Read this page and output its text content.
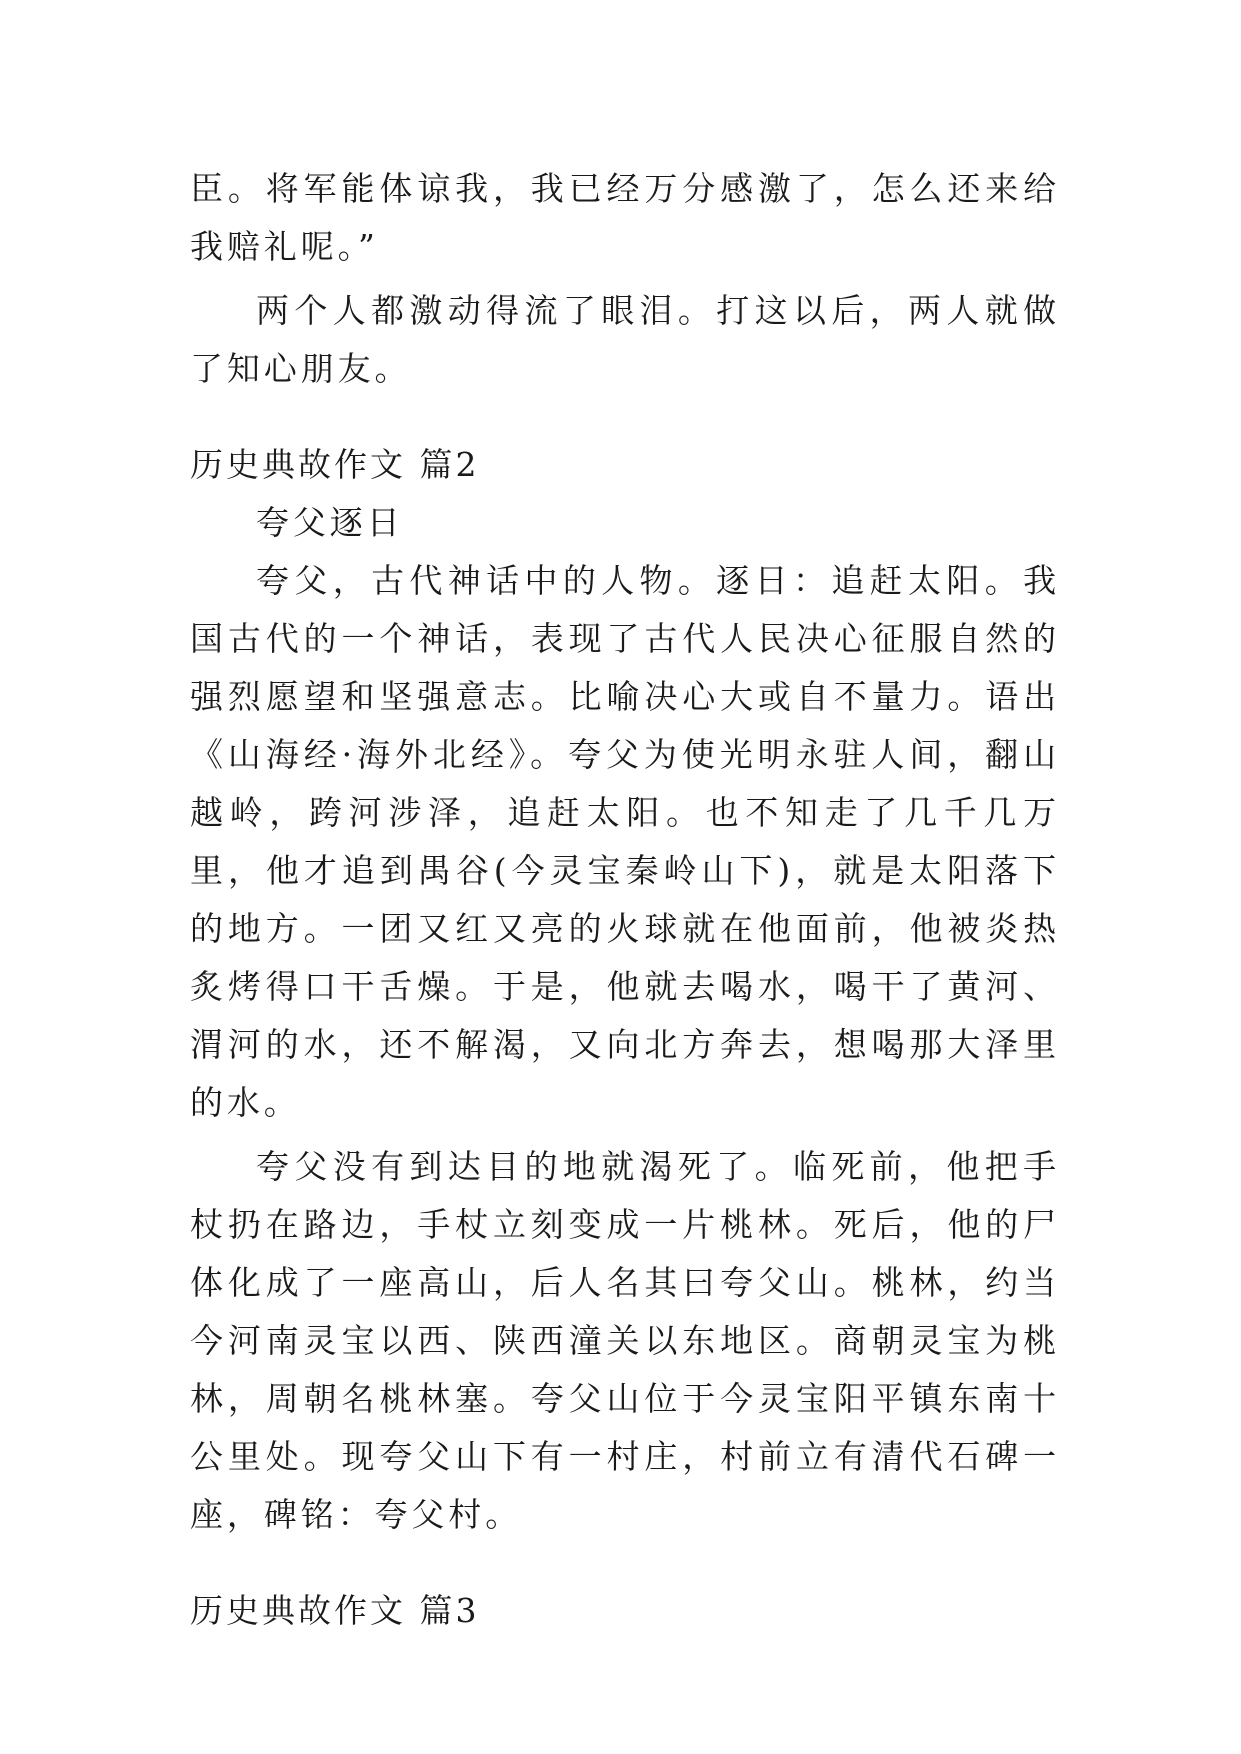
臣。将军能体谅我，我已经万分感激了，怎么还来给我赔礼呢。”

两个人都激动得流了眼泪。打这以后，两人就做了知心朋友。

历史典故作文 篇2

夸父逐日

夸父，古代神话中的人物。逐日：追赶太阳。我国古代的一个神话，表现了古代人民决心征服自然的强烈愿望和坚强意志。比喻决心大或自不量力。语出《山海经·海外北经》。夸父为使光明永驻人间，翻山越岭，跨河涉泽，追赶太阳。也不知走了几千几万里，他才追到禺谷(今灵宝秦岭山下)，就是太阳落下的地方。一团又红又亮的火球就在他面前，他被炎热炙烤得口干舌燥。于是，他就去喝水，喝干了黄河、渭河的水，还不解渴，又向北方奔去，想喝那大泽里的水。

夸父没有到达目的地就渴死了。临死前，他把手杖扔在路边，手杖立刻变成一片桃林。死后，他的尸体化成了一座高山，后人名其曰夸父山。桃林，约当今河南灵宝以西、陕西潼关以东地区。商朝灵宝为桃林，周朝名桃林塞。夸父山位于今灵宝阳平镇东南十公里处。现夸父山下有一村庄，村前立有清代石碑一座，碑铭：夸父村。

历史典故作文 篇3
